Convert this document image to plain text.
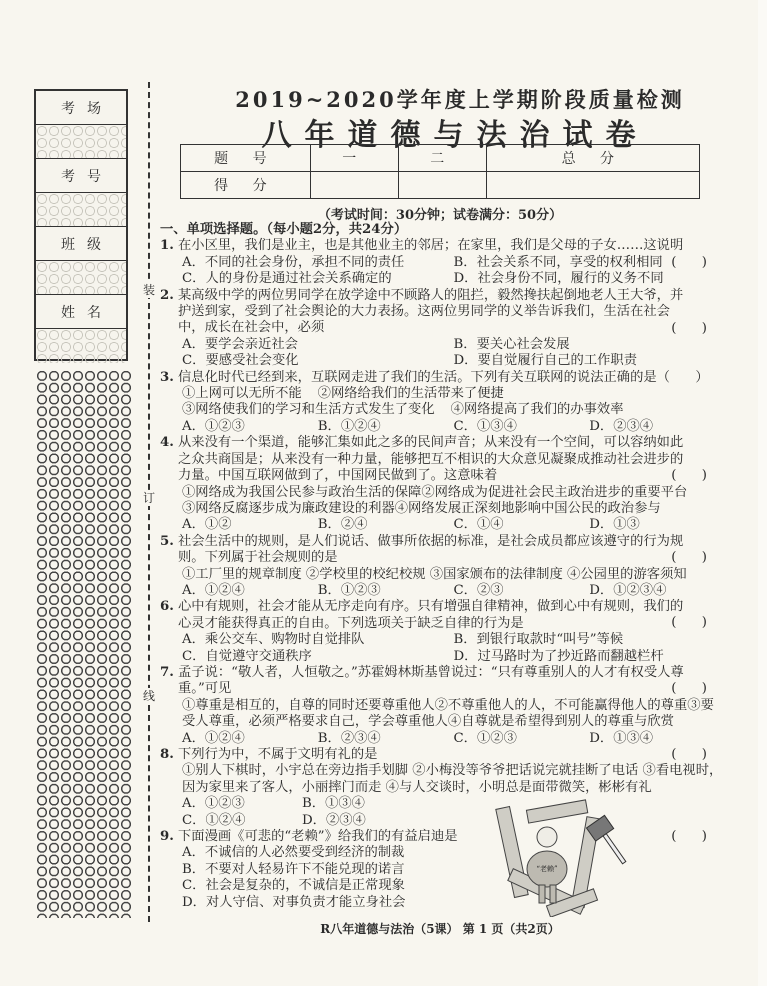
考场
考号
班级
姓名
装
订
线
2019~2020学年度上学期阶段质量检测
八年道德与法治试卷
题 号	一	二	总 分
得 分			
（考试时间：30分钟；试卷满分：50分）
一、单项选择题。（每小题2分，共24分）
1. 在小区里，我们是业主，也是其他业主的邻居；在家里，我们是父母的子女……这说明
A．不同的社会身份，承担不同的责任	B．社会关系不同，享受的权利相同
C．人的身份是通过社会关系确定的	D．社会身份不同，履行的义务不同
(      )
2. 某高级中学的两位男同学在放学途中不顾路人的阻拦，毅然搀扶起倒地老人王大爷，并护送到家，受到了社会舆论的大力表扬。这两位男同学的义举告诉我们，生活在社会中，成长在社会中，必须	(      )
A．要学会亲近社会	B．要关心社会发展
C．要感受社会变化	D．要自觉履行自己的工作职责
3. 信息化时代已经到来，互联网走进了我们的生活。下列有关互联网的说法正确的是（      ）
①上网可以无所不能 ②网络给我们的生活带来了便捷
③网络使我们的学习和生活方式发生了变化 ④网络提高了我们的办事效率
A．①②③	B．①②④	C．①③④	D．②③④
4. 从来没有一个渠道，能够汇集如此之多的民间声音；从来没有一个空间，可以容纳如此之众共商国是；从来没有一种力量，能够把互不相识的大众意见凝聚成推动社会进步的力量。中国互联网做到了，中国网民做到了。这意味着	(      )
①网络成为我国公民参与政治生活的保障②网络成为促进社会民主政治进步的重要平台
③网络反腐逐步成为廉政建设的利器④网络发展正深刻地影响中国公民的政治参与
A．①②	B．②④	C．①④	D．①③
5. 社会生活中的规则，是人们说话、做事所依据的标准，是社会成员都应该遵守的行为规则。下列属于社会规则的是	(      )
①工厂里的规章制度 ②学校里的校纪校规 ③国家颁布的法律制度 ④公园里的游客须知
A．①②④	B．①②③	C．②③	D．①②③④
6. 心中有规则，社会才能从无序走向有序。只有增强自律精神，做到心中有规则，我们的心灵才能获得真正的自由。下列选项关于缺乏自律的行为是	(      )
A．乘公交车、购物时自觉排队	B．到银行取款时“叫号”等候
C．自觉遵守交通秩序	D．过马路时为了抄近路而翻越栏杆
7. 孟子说：“敬人者，人恒敬之。”苏霍姆林斯基曾说过：“只有尊重别人的人才有权受人尊重。”可见	(      )
①尊重是相互的，自尊的同时还要尊重他人②不尊重他人的人，不可能赢得他人的尊重③要受人尊重，必须严格要求自己，学会尊重他人④自尊就是希望得到别人的尊重与欣赏
A．①②④	B．②③④	C．①②③	D．①③④
8. 下列行为中，不属于文明有礼的是	(      )
①别人下棋时，小宇总在旁边指手划脚 ②小梅没等爷爷把话说完就挂断了电话 ③看电视时，因为家里来了客人，小丽摔门而走 ④与人交谈时，小明总是面带微笑，彬彬有礼
A．①②③	B．①③④
C．①②④	D．②③④
9. 下面漫画《可悲的“老赖”》给我们的有益启迪是	(      )
A．不诚信的人必然要受到经济的制裁
B．不要对人轻易许下不能兑现的诺言
C．社会是复杂的，不诚信是正常现象
D．对人守信、对事负责才能立身社会
“老赖”
R八年道德与法治（5课） 第 1 页（共2页）
